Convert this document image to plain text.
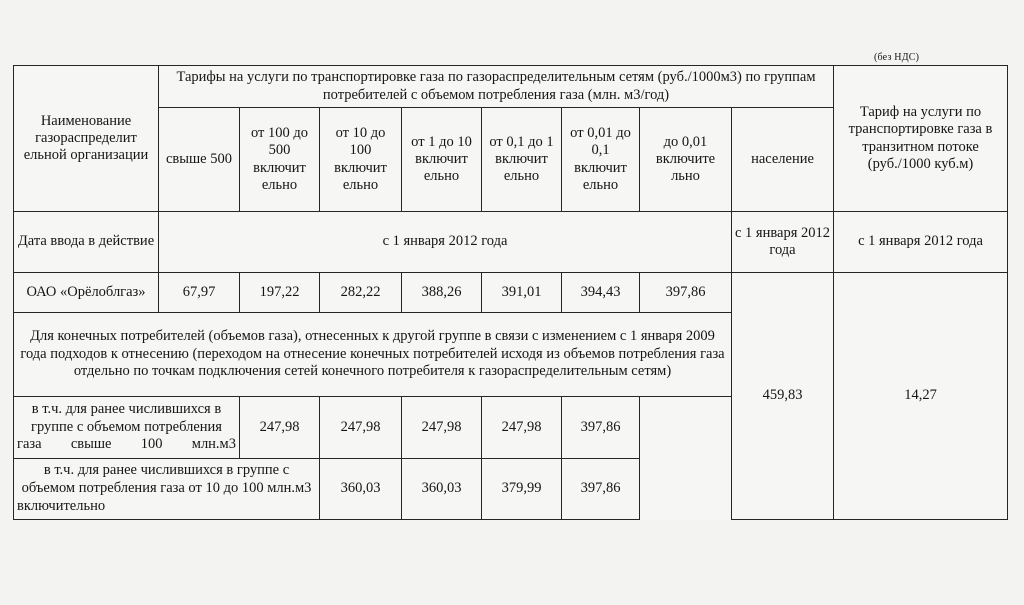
(без НДС)
Наименование газораспределит ельной организации	Тарифы на услуги по транспортировке газа по газораспределительным сетям (руб./1000м3) по группам потребителей с объемом потребления газа (млн. м3/год)								Тариф на услуги по транспортировке газа в транзитном потоке (руб./1000 куб.м)
	свыше 500	от 100 до 500 включит ельно	от 10 до 100 включит ельно	от 1 до 10 включит ельно	от 0,1 до 1 включит ельно	от 0,01 до 0,1 включит ельно	до 0,01 включите льно	население	
Дата ввода в действие	с 1 января 2012 года							с 1 января 2012 года	с 1 января 2012 года
ОАО «Орёлоблгаз»	67,97	197,22	282,22	388,26	391,01	394,43	397,86	459,83	14,27
Для конечных потребителей (объемов газа), отнесенных к другой группе в связи с изменением с 1 января 2009 года подходов к отнесению (переходом на отнесение конечных потребителей исходя из объемов потребления газа отдельно по точкам подключения сетей конечного потребителя к газораспределительным сетям)									
в т.ч. для ранее числившихся в группе с объемом потребления газа свыше 100 млн.м3		247,98	247,98	247,98	247,98	397,86			
в т.ч. для ранее числившихся в группе с объемом потребления газа от 10 до 100 млн.м3 включительно			360,03	360,03	379,99	397,86			
